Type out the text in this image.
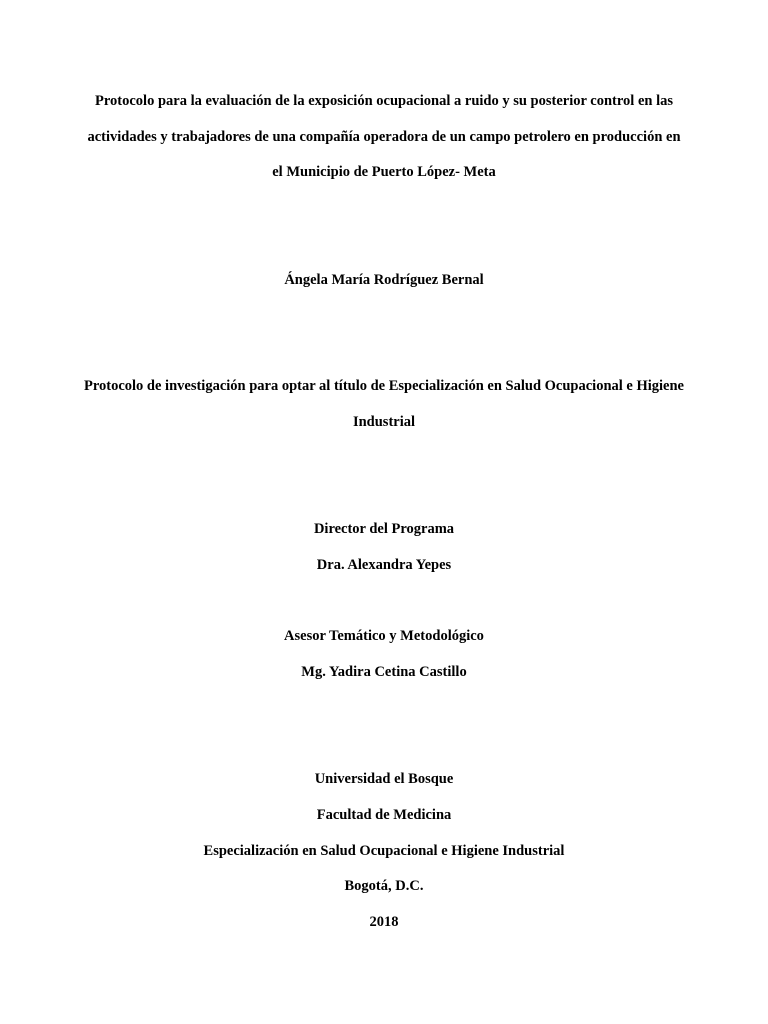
Protocolo para la evaluación de la exposición ocupacional a ruido y su posterior control en las
actividades y trabajadores de una compañía operadora de un campo petrolero en producción en
el Municipio de Puerto López- Meta
Ángela María Rodríguez Bernal
Protocolo de investigación para optar al título de Especialización en Salud Ocupacional e Higiene
Industrial
Director del Programa
Dra. Alexandra Yepes
Asesor Temático y Metodológico
Mg. Yadira Cetina Castillo
Universidad el Bosque
Facultad de Medicina
Especialización en Salud Ocupacional e Higiene Industrial
Bogotá, D.C.
2018
